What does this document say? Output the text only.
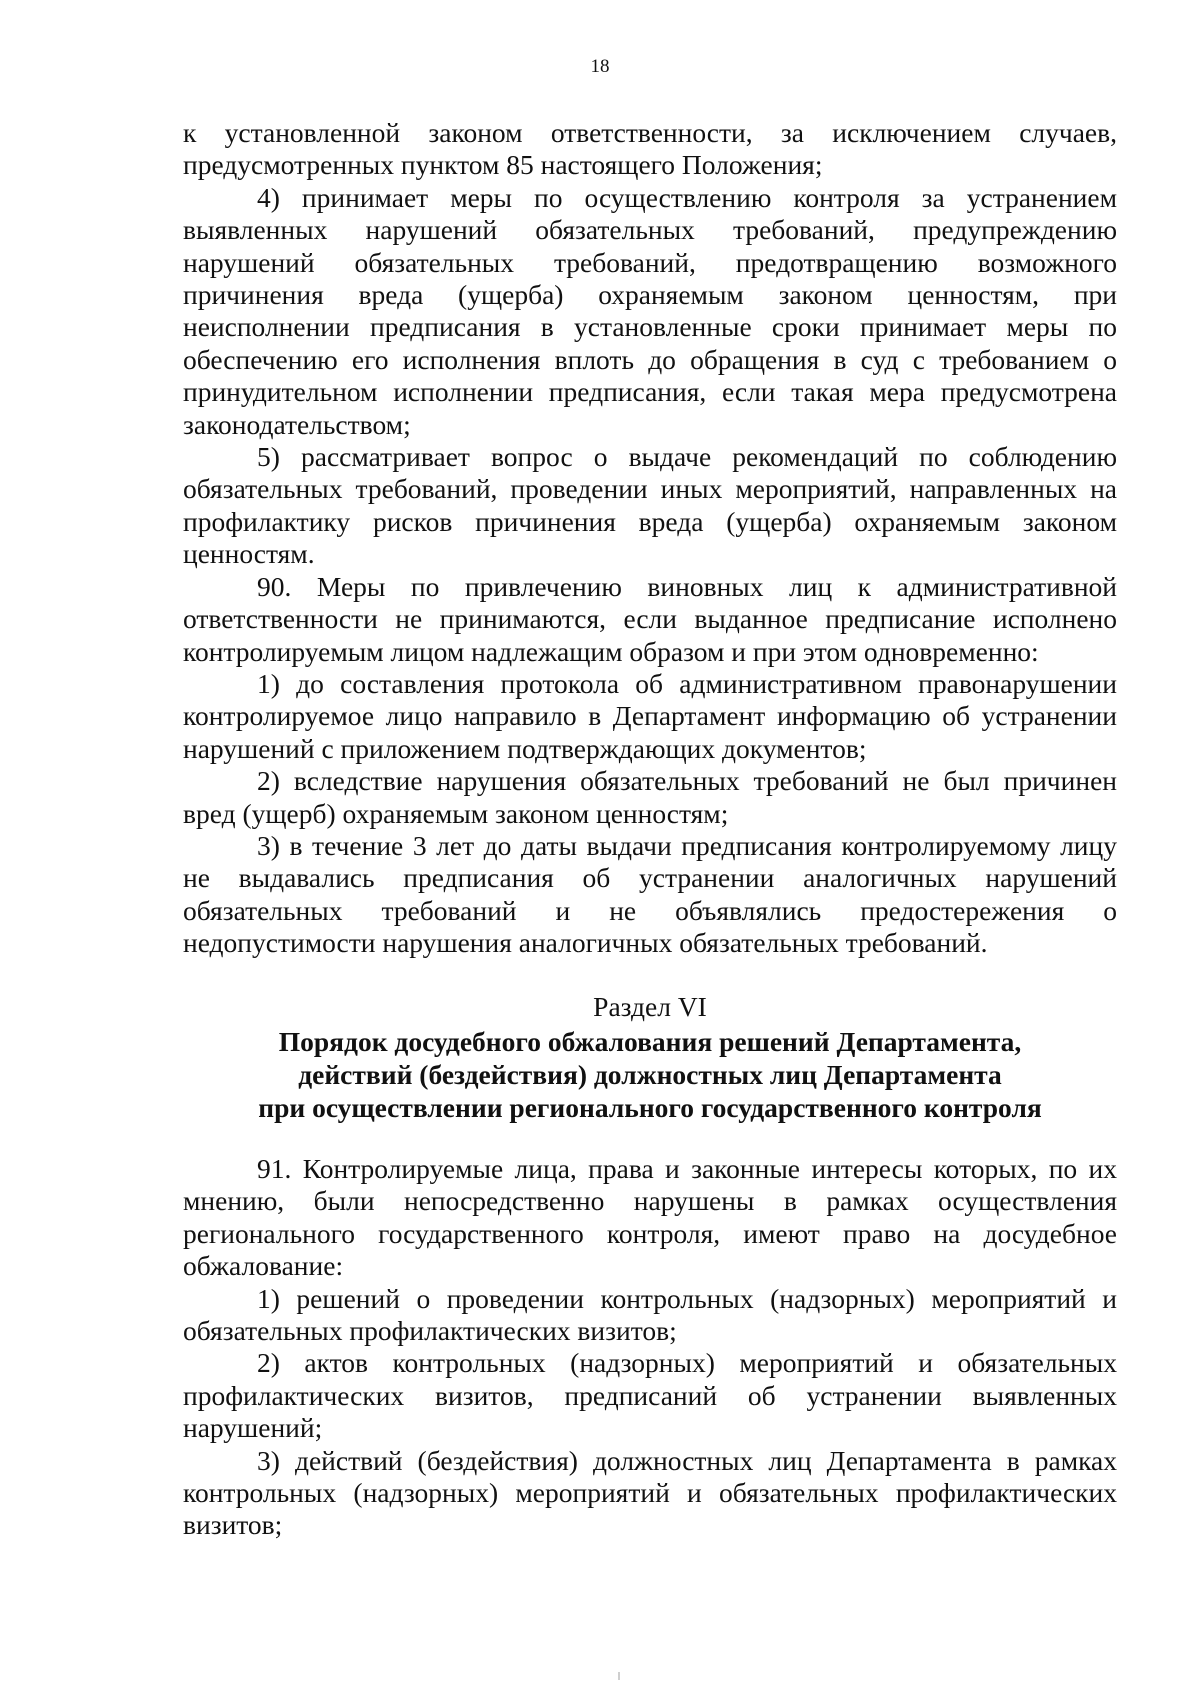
18

к установленной законом ответственности, за исключением случаев, предусмотренных пунктом 85 настоящего Положения;

4) принимает меры по осуществлению контроля за устранением выявленных нарушений обязательных требований, предупреждению нарушений обязательных требований, предотвращению возможного причинения вреда (ущерба) охраняемым законом ценностям, при неисполнении предписания в установленные сроки принимает меры по обеспечению его исполнения вплоть до обращения в суд с требованием о принудительном исполнении предписания, если такая мера предусмотрена законодательством;

5) рассматривает вопрос о выдаче рекомендаций по соблюдению обязательных требований, проведении иных мероприятий, направленных на профилактику рисков причинения вреда (ущерба) охраняемым законом ценностям.

90. Меры по привлечению виновных лиц к административной ответственности не принимаются, если выданное предписание исполнено контролируемым лицом надлежащим образом и при этом одновременно:

1) до составления протокола об административном правонарушении контролируемое лицо направило в Департамент информацию об устранении нарушений с приложением подтверждающих документов;

2) вследствие нарушения обязательных требований не был причинен вред (ущерб) охраняемым законом ценностям;

3) в течение 3 лет до даты выдачи предписания контролируемому лицу не выдавались предписания об устранении аналогичных нарушений обязательных требований и не объявлялись предостережения о недопустимости нарушения аналогичных обязательных требований.

Раздел VI

Порядок досудебного обжалования решений Департамента,
действий (бездействия) должностных лиц Департамента
при осуществлении регионального государственного контроля

91. Контролируемые лица, права и законные интересы которых, по их мнению, были непосредственно нарушены в рамках осуществления регионального государственного контроля, имеют право на досудебное обжалование:

1) решений о проведении контрольных (надзорных) мероприятий и обязательных профилактических визитов;

2) актов контрольных (надзорных) мероприятий и обязательных профилактических визитов, предписаний об устранении выявленных нарушений;

3) действий (бездействия) должностных лиц Департамента в рамках контрольных (надзорных) мероприятий и обязательных профилактических визитов;
